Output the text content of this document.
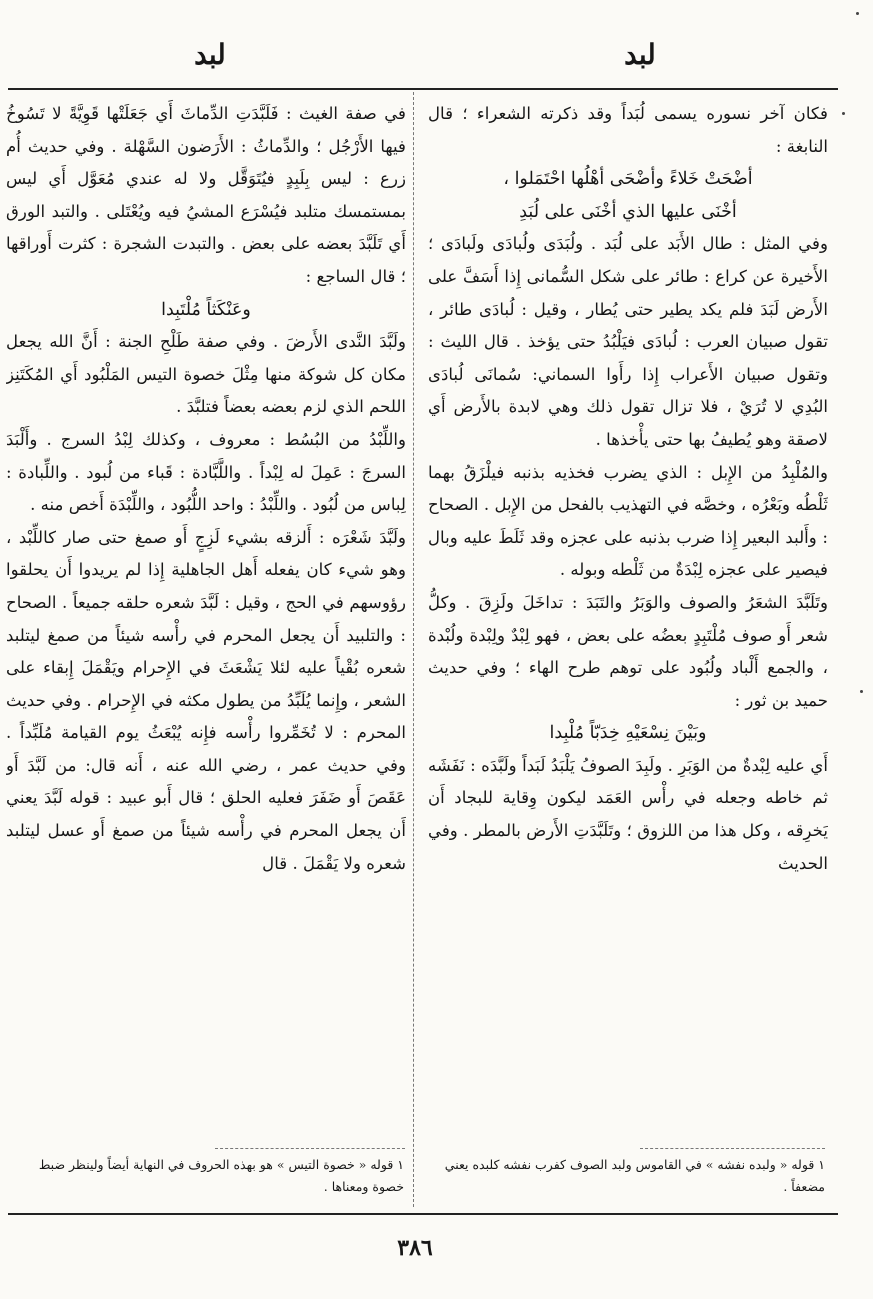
لبد
لبد

فكان آخر نسوره يسمى لُبَداً وقد ذكرته الشعراء ؛ قال النابغة :

أضْحَتْ خَلاءً وأضْحَى أهْلُها احْتَمَلوا ،

أخْنَى عليها الذي أخْنَى على لُبَدِ

وفي المثل : طال الأَبَد على لُبَد . ولُبَدَى ولُبادَى ولَبادَى ؛ الأَخيرة عن كراع : طائر على شكل السُّمانى إِذا أَسَفَّ على الأَرض لَبَدَ فلم يكد يطير حتى يُطار ، وقيل : لُبادَى طائر ، تقول صبيان العرب : لُبادَى فيَلْبُدُ حتى يؤخذ . قال الليث : وتقول صبيان الأَعراب إِذا رأَوا السماني: سُمانَى لُبادَى البُدِي لا تُرَيْ ، فلا تزال تقول ذلك وهي لابدة بالأَرض أَي لاصقة وهو يُطيفُ بها حتى يأْخذها .

والمُلْبِدُ من الإِبل : الذي يضرب فخذيه بذنبه فيلْزَقُ بهما ثَلْطُه وبَعْرُه ، وخصَّه في التهذيب بالفحل من الإِبل . الصحاح : وأَلبد البعير إِذا ضرب بذنبه على عجزه وقد ثَلَطَ عليه وبال فيصير على عجزه لِبْدَةٌ من ثَلْطه وبوله .

وتَلَبَّدَ الشعَرُ والصوف والوَبَرُ والتَبَدَ : تداخَلَ ولَزِقَ . وكلُّ شعر أَو صوف مُلْتَبِدٍ بعضُه على بعض ، فهو لِبْدٌ ولِبْدة ولُبْدة ، والجمع أَلْباد ولُبُود على توهم طرح الهاء ؛ وفي حديث حميد بن ثور :

وبَيْنَ نِسْعَيْهِ خِدَبّاً مُلْبِدا

أَي عليه لِبْدةٌ من الوَبَرِ . ولَبِدَ الصوفُ يَلْبَدُ لَبَداً ولَبَّدَه : نَفَشَه ثم خاطه وجعله في رأْس العَمَد ليكون وِقاية للبجاد أَن يَخرِقه ، وكل هذا من اللزوق ؛ وتَلَبَّدَتِ الأَرض بالمطر . وفي الحديث

في صفة الغيث : فَلَبَّدَتِ الدِّماثَ أَي جَعَلَتْها قَوِيَّةً لا تَسُوخُ فيها الأَرْجُل ؛ والدِّماثُ : الأَرَضون السَّهْلة . وفي حديث أُم زرع : ليس بِلَبِدٍ فيُتَوَقَّل ولا له عندي مُعَوَّل أَي ليس بمستمسك متلبد فيُسْرَع المشيُ فيه ويُعْتَلى . والتبد الورق أَي تَلَبَّدَ بعضه على بعض . والتبدت الشجرة : كثرت أَوراقها ؛ قال الساجع :

وعَنْكَثاً مُلْتَبِدا

ولَبَّدَ النَّدى الأَرضَ . وفي صفة طَلْحِ الجنة : أَنَّ الله يجعل مكان كل شوكة منها مِثْلَ خصوة التيس المَلْبُود أَي المُكَتَنِز اللحم الذي لزم بعضه بعضاً فتلبَّدَ .

واللِّبْدُ من البُسُط : معروف ، وكذلك لِبْدُ السرج . وأَلْبَدَ السرجَ : عَمِلَ له لِبْداً . واللَّبَّادة : قَباء من لُبود . واللِّبادة : لِباس من لُبُود . واللِّبْدُ : واحد اللُّبُود ، واللِّبْدَة أَخص منه .

ولَبَّدَ شَعْرَه : أَلزقه بشيء لَزِجٍ أَو صمغ حتى صار كاللِّبْد ، وهو شيء كان يفعله أَهل الجاهلية إِذا لم يريدوا أَن يحلقوا رؤوسهم في الحج ، وقيل : لَبَّدَ شعره حلقه جميعاً . الصحاح : والتلبيد أَن يجعل المحرم في رأْسه شيئاً من صمغ ليتلبد شعره بُقْياً عليه لئلا يَشْعَثَ في الإِحرام ويَقْمَلَ إِبقاء على الشعر ، وإِنما يُلَبِّدُ من يطول مكثه في الإِحرام . وفي حديث المحرم : لا تُخَمِّروا رأْسه فإِنه يُبْعَثُ يوم القيامة مُلَبِّداً . وفي حديث عمر ، رضي الله عنه ، أَنه قال: من لَبَّدَ أَو عَقَصَ أَو ضَفَرَ فعليه الحلق ؛ قال أَبو عبيد : قوله لَبَّدَ يعني أَن يجعل المحرم في رأْسه شيئاً من صمغ أَو عسل ليتلبد شعره ولا يَقْمَلَ . قال

١ قوله « ولبده نفشه » في القاموس ولبد الصوف كفرب نفشه كلبده يعني مضعفاً .
١ قوله « خصوة التيس » هو بهذه الحروف في النهاية أيضاً ولينظر ضبط خصوة ومعناها .
٣٨٦
